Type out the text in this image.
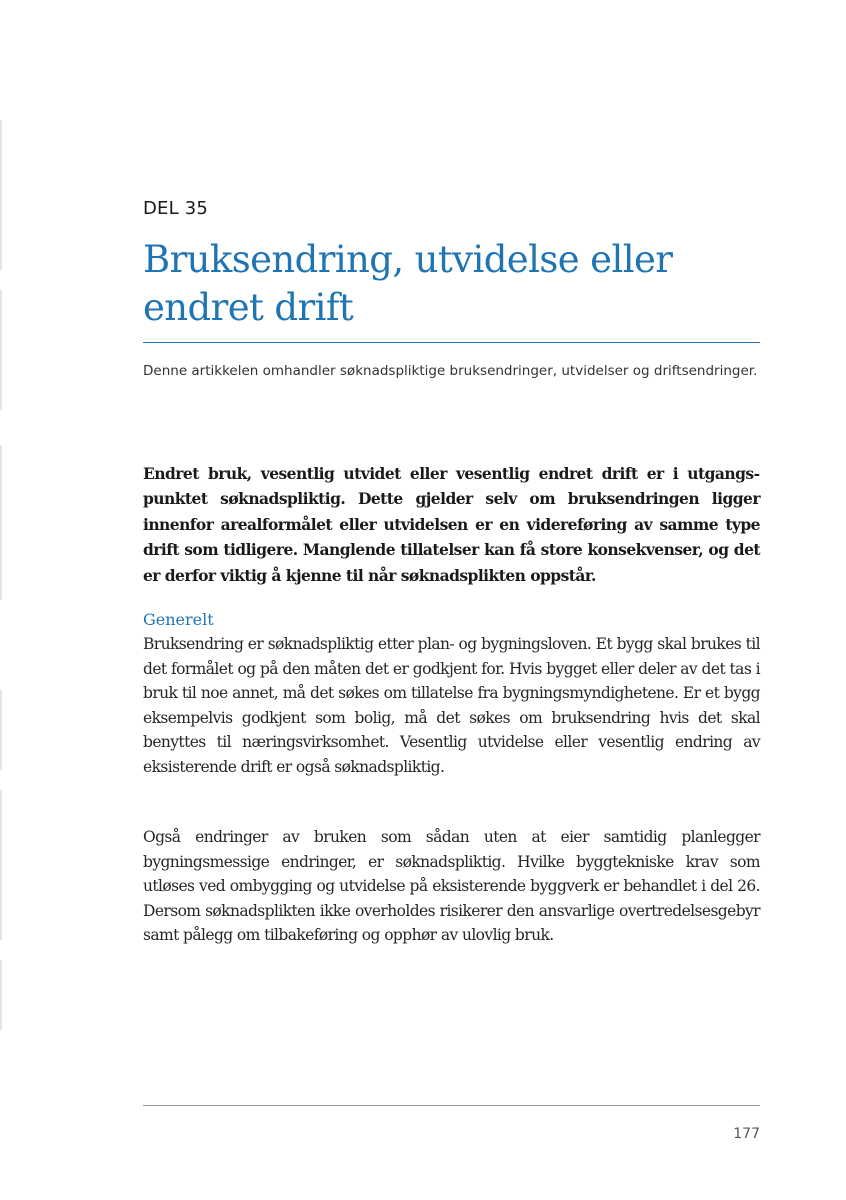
DEL 35
Bruksendring, utvidelse eller endret drift

Denne artikkelen omhandler søknadspliktige bruksendringer, utvidelser og driftsendringer.

Endret bruk, vesentlig utvidet eller vesentlig endret drift er i utgangspunktet søknadspliktig. Dette gjelder selv om bruksendringen ligger innenfor arealformålet eller utvidelsen er en videreføring av samme type drift som tidligere. Manglende tillatelser kan få store konsekvenser, og det er derfor viktig å kjenne til når søknadsplikten oppstår.

Generelt

Bruksendring er søknadspliktig etter plan- og bygningsloven. Et bygg skal brukes til det formålet og på den måten det er godkjent for. Hvis bygget eller deler av det tas i bruk til noe annet, må det søkes om tillatelse fra bygningsmyndighetene. Er et bygg eksempelvis godkjent som bolig, må det søkes om bruksendring hvis det skal benyttes til næringsvirksomhet. Vesentlig utvidelse eller vesentlig endring av eksisterende drift er også søknadspliktig.

Også endringer av bruken som sådan uten at eier samtidig planlegger bygningsmessige endringer, er søknadspliktig. Hvilke byggtekniske krav som utløses ved ombygging og utvidelse på eksisterende byggverk er behandlet i del 26. Dersom søknadsplikten ikke overholdes risikerer den ansvarlige overtredelsesgebyr samt pålegg om tilbakeføring og opphør av ulovlig bruk.

177
